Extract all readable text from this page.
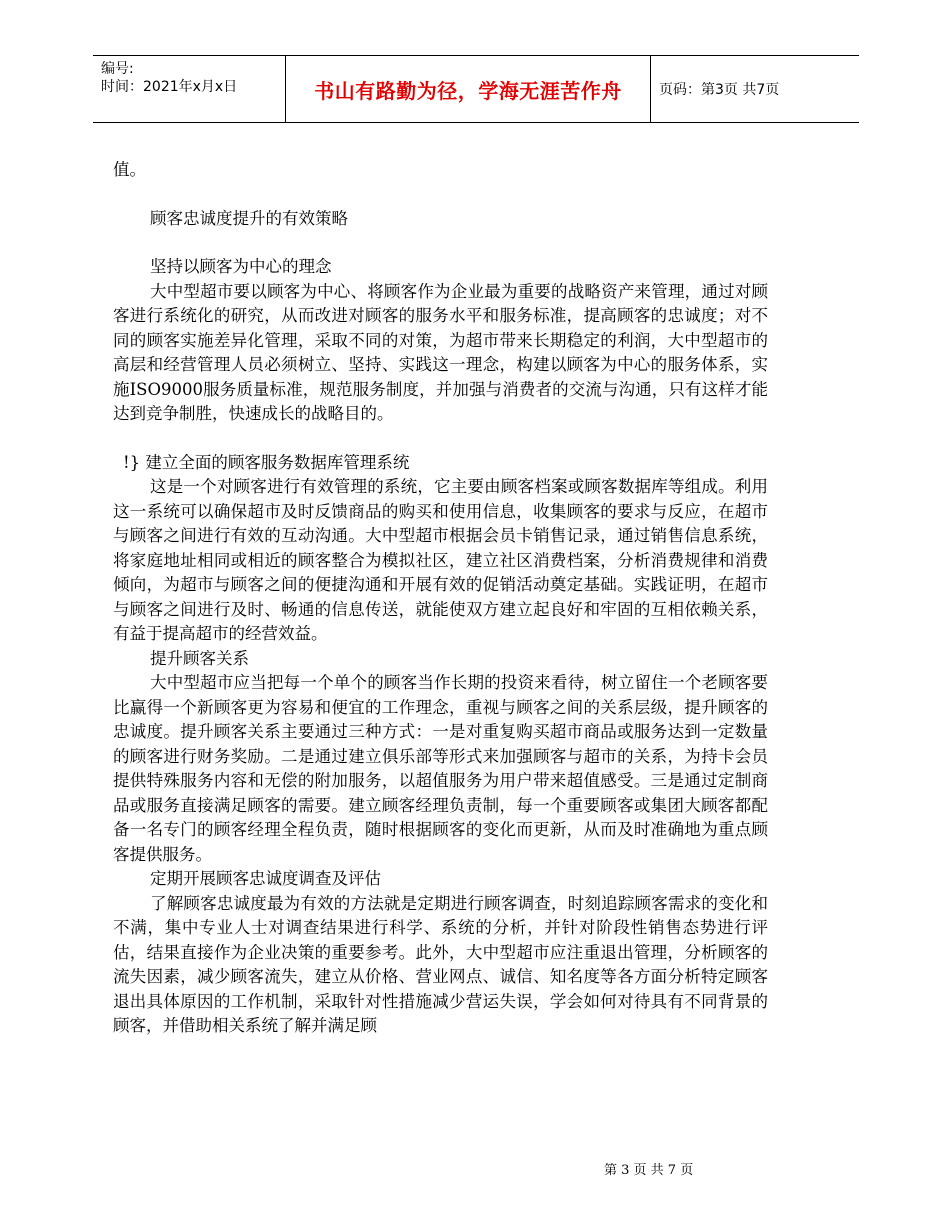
编号:
时间：2021年x月x日	书山有路勤为径，学海无涯苦作舟	页码：第3页 共7页

值。

顾客忠诚度提升的有效策略

坚持以顾客为中心的理念

大中型超市要以顾客为中心、将顾客作为企业最为重要的战略资产来管理，通过对顾客进行系统化的研究，从而改进对顾客的服务水平和服务标准，提高顾客的忠诚度；对不同的顾客实施差异化管理，采取不同的对策，为超市带来长期稳定的利润，大中型超市的高层和经营管理人员必须树立、坚持、实践这一理念，构建以顾客为中心的服务体系，实施ISO9000服务质量标准，规范服务制度，并加强与消费者的交流与沟通，只有这样才能达到竞争制胜，快速成长的战略目的。

!} 建立全面的顾客服务数据库管理系统

这是一个对顾客进行有效管理的系统，它主要由顾客档案或顾客数据库等组成。利用这一系统可以确保超市及时反馈商品的购买和使用信息，收集顾客的要求与反应，在超市与顾客之间进行有效的互动沟通。大中型超市根据会员卡销售记录，通过销售信息系统，将家庭地址相同或相近的顾客整合为模拟社区，建立社区消费档案，分析消费规律和消费倾向，为超市与顾客之间的便捷沟通和开展有效的促销活动奠定基础。实践证明，在超市与顾客之间进行及时、畅通的信息传送，就能使双方建立起良好和牢固的互相依赖关系，有益于提高超市的经营效益。

提升顾客关系

大中型超市应当把每一个单个的顾客当作长期的投资来看待，树立留住一个老顾客要比赢得一个新顾客更为容易和便宜的工作理念，重视与顾客之间的关系层级，提升顾客的忠诚度。提升顾客关系主要通过三种方式：一是对重复购买超市商品或服务达到一定数量的顾客进行财务奖励。二是通过建立俱乐部等形式来加强顾客与超市的关系，为持卡会员提供特殊服务内容和无偿的附加服务，以超值服务为用户带来超值感受。三是通过定制商品或服务直接满足顾客的需要。建立顾客经理负责制，每一个重要顾客或集团大顾客都配备一名专门的顾客经理全程负责，随时根据顾客的变化而更新，从而及时准确地为重点顾客提供服务。

定期开展顾客忠诚度调查及评估

了解顾客忠诚度最为有效的方法就是定期进行顾客调查，时刻追踪顾客需求的变化和不满，集中专业人士对调查结果进行科学、系统的分析，并针对阶段性销售态势进行评估，结果直接作为企业决策的重要参考。此外，大中型超市应注重退出管理，分析顾客的流失因素，减少顾客流失，建立从价格、营业网点、诚信、知名度等各方面分析特定顾客退出具体原因的工作机制，采取针对性措施减少营运失误，学会如何对待具有不同背景的顾客，并借助相关系统了解并满足顾

第 3 页 共 7 页
